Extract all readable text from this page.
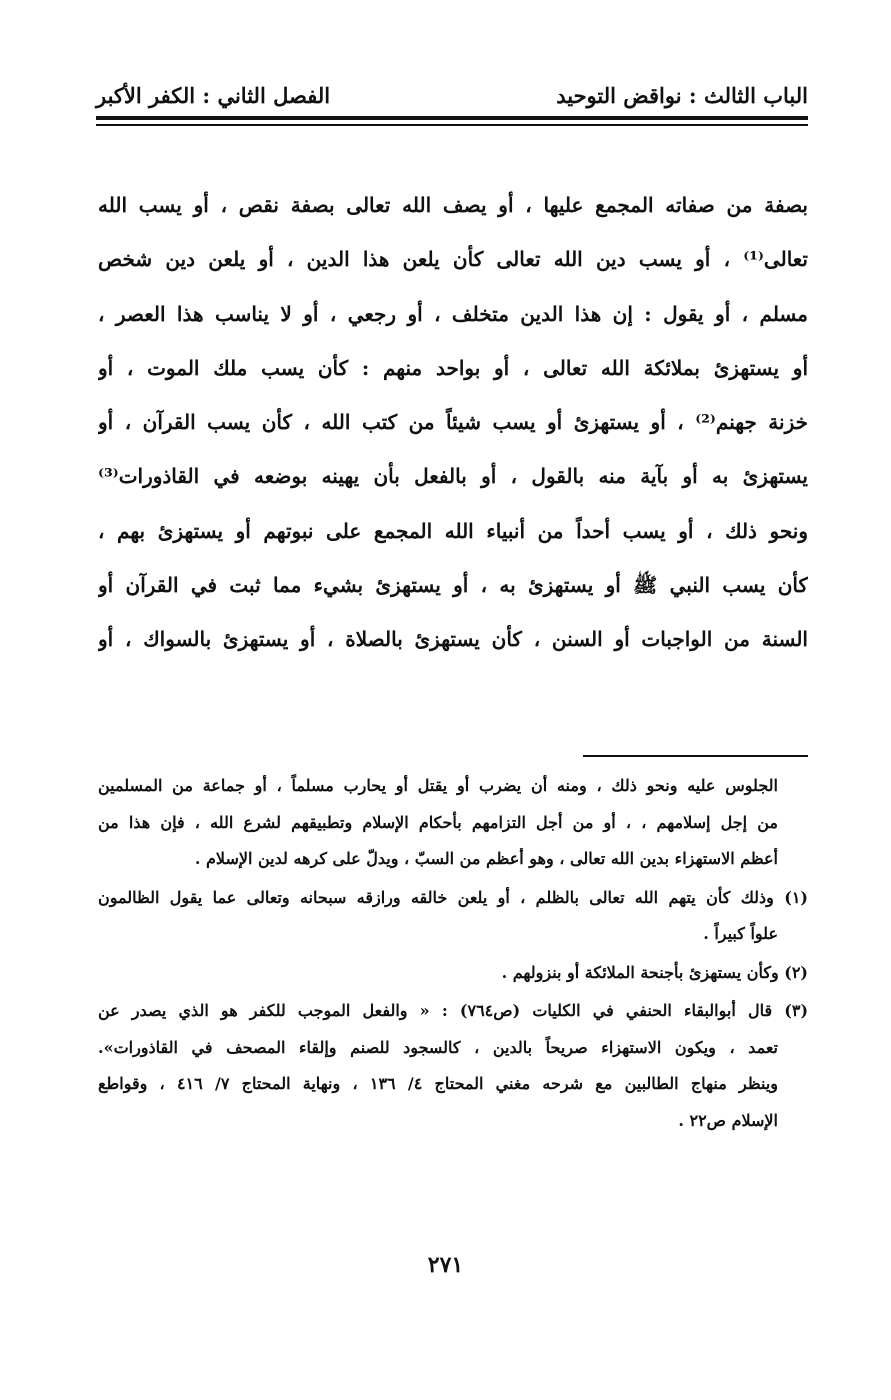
الباب الثالث : نواقض التوحيد
الفصل الثاني : الكفر الأكبر
بصفة من صفاته المجمع عليها ، أو يصف الله تعالى بصفة نقص ، أو يسب الله
تعالى⁽¹⁾ ، أو يسب دين الله تعالى كأن يلعن هذا الدين ، أو يلعن دين شخص
مسلم ، أو يقول : إن هذا الدين متخلف ، أو رجعي ، أو لا يناسب هذا العصر ،
أو يستهزئ بملائكة الله تعالى ، أو بواحد منهم : كأن يسب ملك الموت ، أو
خزنة جهنم⁽²⁾ ، أو يستهزئ أو يسب شيئاً من كتب الله ، كأن يسب القرآن ، أو
يستهزئ به أو بآية منه بالقول ، أو بالفعل بأن يهينه بوضعه في القاذورات⁽³⁾
ونحو ذلك ، أو يسب أحداً من أنبياء الله المجمع على نبوتهم أو يستهزئ بهم ،
كأن يسب النبي ﷺ أو يستهزئ به ، أو يستهزئ بشيء مما ثبت في القرآن أو
السنة من الواجبات أو السنن ، كأن يستهزئ بالصلاة ، أو يستهزئ بالسواك ، أو
الجلوس عليه ونحو ذلك ، ومنه أن يضرب أو يقتل أو يحارب مسلماً ، أو جماعة من المسلمين
من إجل إسلامهم ، ، أو من أجل التزامهم بأحكام الإسلام وتطبيقهم لشرع الله ، فإن هذا من
أعظم الاستهزاء بدين الله تعالى ، وهو أعظم من السبّ ، ويدلّ على كرهه لدين الإسلام .
(١) وذلك كأن يتهم الله تعالى بالظلم ، أو يلعن خالقه ورازقه سبحانه وتعالى عما يقول الظالمون
علواً كبيراً .
(٢) وكأن يستهزئ بأجنحة الملائكة أو بنزولهم .
(٣) قال أبوالبقاء الحنفي في الكليات (ص٧٦٤) : « والفعل الموجب للكفر هو الذي يصدر عن
تعمد ، ويكون الاستهزاء صريحاً بالدين ، كالسجود للصنم وإلقاء المصحف في القاذورات».
وينظر منهاج الطالبين مع شرحه مغني المحتاج ٤/ ١٣٦ ، ونهاية المحتاج ٧/ ٤١٦ ، وقواطع
الإسلام ص٢٢ .
٢٧١
